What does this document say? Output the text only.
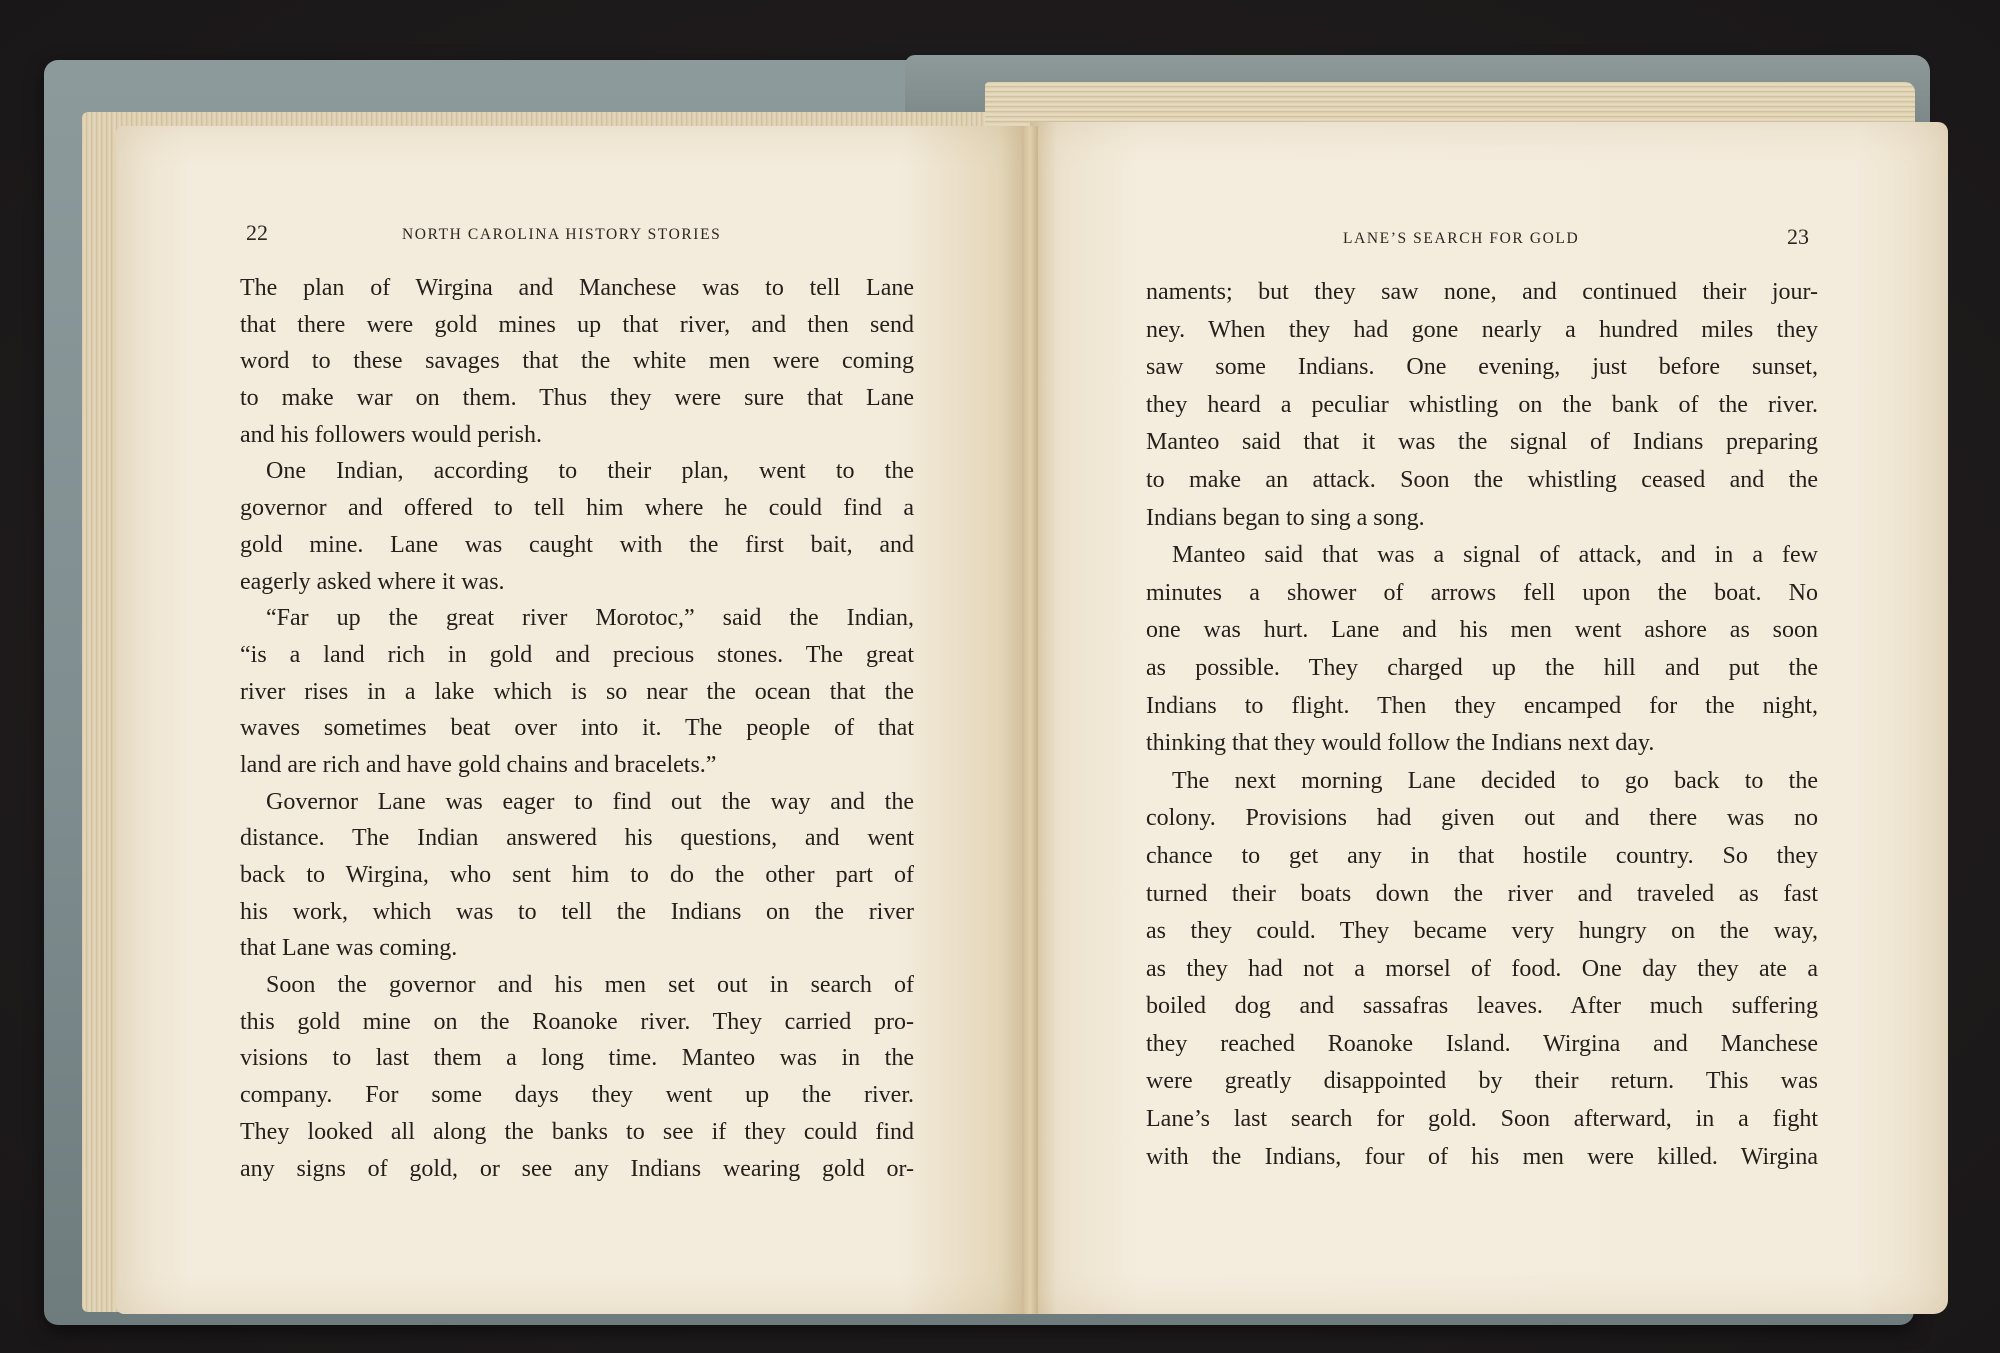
22	NORTH CAROLINA HISTORY STORIES	LANE’S SEARCH FOR GOLD	23
The plan of Wirgina and Manchese was to tell Lane
that there were gold mines up that river, and then send
word to these savages that the white men were coming
to make war on them. Thus they were sure that Lane
and his followers would perish.
One Indian, according to their plan, went to the
governor and offered to tell him where he could find a
gold mine. Lane was caught with the first bait, and
eagerly asked where it was.
“Far up the great river Morotoc,” said the Indian,
“is a land rich in gold and precious stones. The great
river rises in a lake which is so near the ocean that the
waves sometimes beat over into it. The people of that
land are rich and have gold chains and bracelets.”
Governor Lane was eager to find out the way and the
distance. The Indian answered his questions, and went
back to Wirgina, who sent him to do the other part of
his work, which was to tell the Indians on the river
that Lane was coming.
Soon the governor and his men set out in search of
this gold mine on the Roanoke river. They carried pro-
visions to last them a long time. Manteo was in the
company. For some days they went up the river.
They looked all along the banks to see if they could find
any signs of gold, or see any Indians wearing gold or-
naments; but they saw none, and continued their jour-
ney. When they had gone nearly a hundred miles they
saw some Indians. One evening, just before sunset,
they heard a peculiar whistling on the bank of the river.
Manteo said that it was the signal of Indians preparing
to make an attack. Soon the whistling ceased and the
Indians began to sing a song.
Manteo said that was a signal of attack, and in a few
minutes a shower of arrows fell upon the boat. No
one was hurt. Lane and his men went ashore as soon
as possible. They charged up the hill and put the
Indians to flight. Then they encamped for the night,
thinking that they would follow the Indians next day.
The next morning Lane decided to go back to the
colony. Provisions had given out and there was no
chance to get any in that hostile country. So they
turned their boats down the river and traveled as fast
as they could. They became very hungry on the way,
as they had not a morsel of food. One day they ate a
boiled dog and sassafras leaves. After much suffering
they reached Roanoke Island. Wirgina and Manchese
were greatly disappointed by their return. This was
Lane’s last search for gold. Soon afterward, in a fight
with the Indians, four of his men were killed. Wirgina
